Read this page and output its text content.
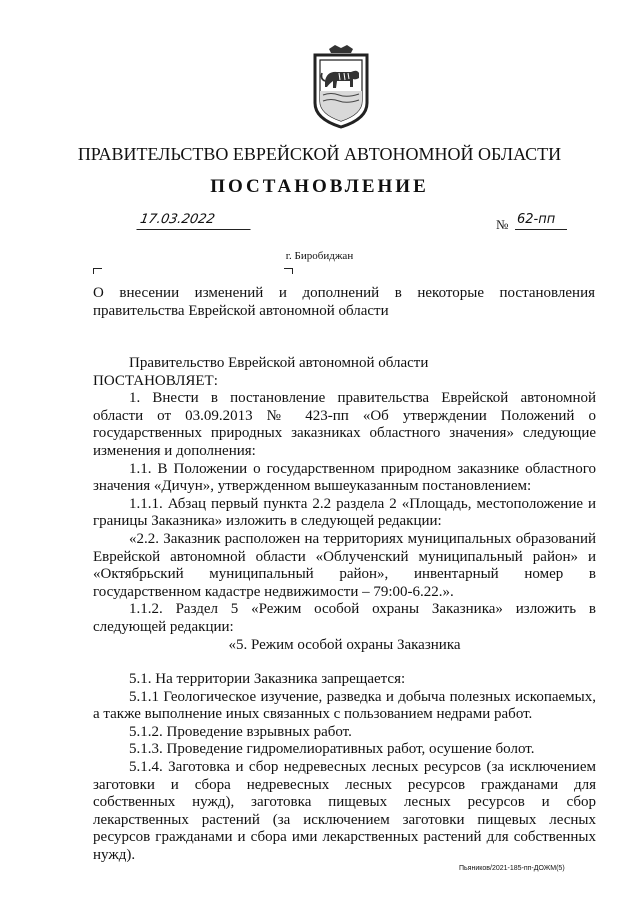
ПРАВИТЕЛЬСТВО ЕВРЕЙСКОЙ АВТОНОМНОЙ ОБЛАСТИ
ПОСТАНОВЛЕНИЕ
17.03.2022	№ 62-пп
г. Биробиджан
О внесении изменений и дополнений в некоторые постановления правительства Еврейской автономной области

Правительство Еврейской автономной области

ПОСТАНОВЛЯЕТ:

1. Внести в постановление правительства Еврейской автономной области от 03.09.2013 № 423-пп «Об утверждении Положений о государственных природных заказниках областного значения» следующие изменения и дополнения:

1.1. В Положении о государственном природном заказнике областного значения «Дичун», утвержденном вышеуказанным постановлением:

1.1.1. Абзац первый пункта 2.2 раздела 2 «Площадь, местоположение и границы Заказника» изложить в следующей редакции:

«2.2. Заказник расположен на территориях муниципальных образований Еврейской автономной области «Облученский муниципальный район» и «Октябрьский муниципальный район», инвентарный номер в государственном кадастре недвижимости – 79:00-6.22.».

1.1.2. Раздел 5 «Режим особой охраны Заказника» изложить в следующей редакции:

«5. Режим особой охраны Заказника

5.1. На территории Заказника запрещается:

5.1.1 Геологическое изучение, разведка и добыча полезных ископаемых, а также выполнение иных связанных с пользованием недрами работ.

5.1.2. Проведение взрывных работ.

5.1.3. Проведение гидромелиоративных работ, осушение болот.

5.1.4. Заготовка и сбор недревесных лесных ресурсов (за исключением заготовки и сбора недревесных лесных ресурсов гражданами для собственных нужд), заготовка пищевых лесных ресурсов и сбор лекарственных растений (за исключением заготовки пищевых лесных ресурсов гражданами и сбора ими лекарственных растений для собственных нужд).

Пьяников/2021-185-пп-ДОЖМ(5)
